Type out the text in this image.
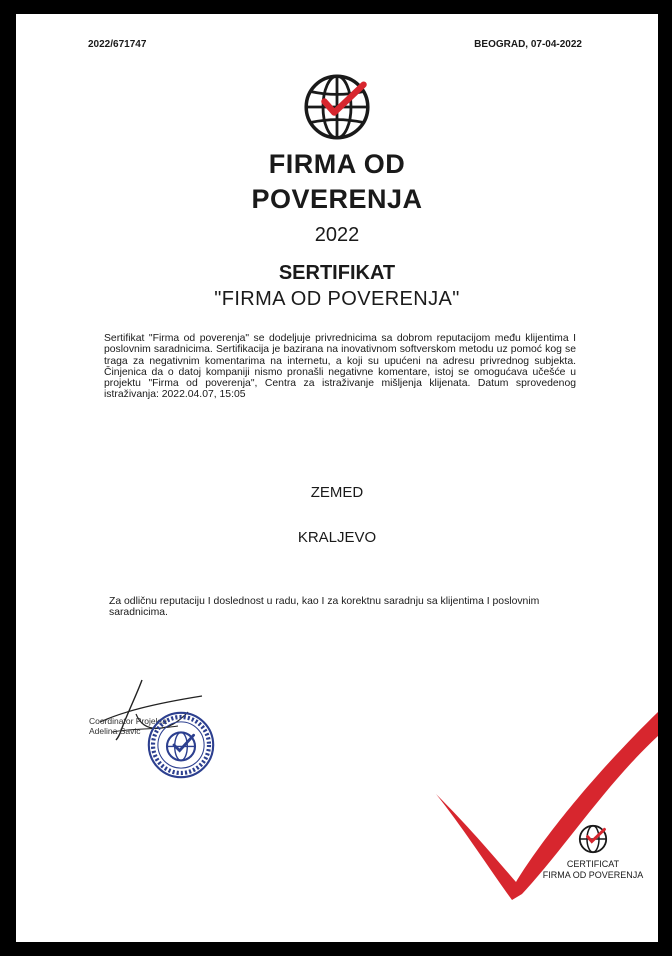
2022/671747	BEOGRAD, 07-04-2022
FIRMA OD
POVERENJA
2022
SERTIFIKAT
"FIRMA OD POVERENJA"
Sertifikat "Firma od poverenja" se dodeljuje privrednicima sa dobrom reputacijom među klijentima I poslovnim saradnicima. Sertifikacija je bazirana na inovativnom softverskom metodu uz pomoć kog se traga za negativnim komentarima na internetu, a koji su upućeni na adresu privrednog subjekta. Činjenica da o datoj kompaniji nismo pronašli negativne komentare, istoj se omogućava učešće u projektu "Firma od poverenja", Centra za istraživanje mišljenja klijenata. Datum sprovedenog istraživanja: 2022.04.07, 15:05
ZEMED
KRALJEVO
Za odličnu reputaciju I doslednost u radu, kao I za korektnu saradnju sa klijentima I poslovnim saradnicima.
Coordinator Projekta
Adelina Savic
CERTIFICAT
FIRMA OD POVERENJA
